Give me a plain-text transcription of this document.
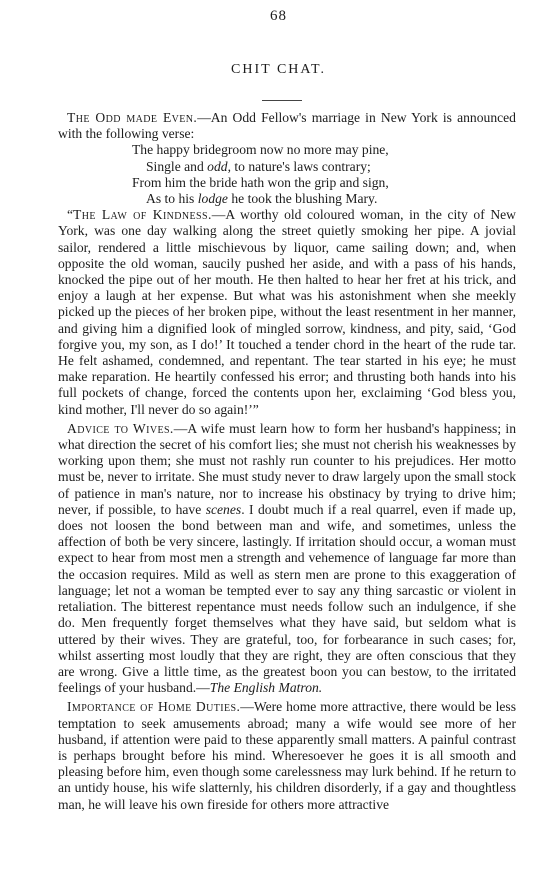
68
CHIT CHAT.

The Odd made Even.—An Odd Fellow's marriage in New York is announced with the following verse:

The happy bridegroom now no more may pine,
Single and odd, to nature's laws contrary;
From him the bride hath won the grip and sign,
As to his lodge he took the blushing Mary.

“The Law of Kindness.—A worthy old coloured woman, in the city of New York, was one day walking along the street quietly smoking her pipe. A jovial sailor, rendered a little mischievous by liquor, came sailing down; and, when opposite the old woman, saucily pushed her aside, and with a pass of his hands, knocked the pipe out of her mouth. He then halted to hear her fret at his trick, and enjoy a laugh at her expense. But what was his astonishment when she meekly picked up the pieces of her broken pipe, without the least resentment in her manner, and giving him a dignified look of mingled sorrow, kindness, and pity, said, ‘God forgive you, my son, as I do!’ It touched a tender chord in the heart of the rude tar. He felt ashamed, condemned, and repentant. The tear started in his eye; he must make reparation. He heartily confessed his error; and thrusting both hands into his full pockets of change, forced the contents upon her, exclaiming ‘God bless you, kind mother, I'll never do so again!’”

Advice to Wives.—A wife must learn how to form her husband's happiness; in what direction the secret of his comfort lies; she must not cherish his weaknesses by working upon them; she must not rashly run counter to his prejudices. Her motto must be, never to irritate. She must study never to draw largely upon the small stock of patience in man's nature, nor to increase his obstinacy by trying to drive him; never, if possible, to have scenes. I doubt much if a real quarrel, even if made up, does not loosen the bond between man and wife, and sometimes, unless the affection of both be very sincere, lastingly. If irritation should occur, a woman must expect to hear from most men a strength and vehemence of language far more than the occasion requires. Mild as well as stern men are prone to this exaggeration of language; let not a woman be tempted ever to say any thing sarcastic or violent in retaliation. The bitterest repentance must needs follow such an indulgence, if she do. Men frequently forget themselves what they have said, but seldom what is uttered by their wives. They are grateful, too, for forbearance in such cases; for, whilst asserting most loudly that they are right, they are often conscious that they are wrong. Give a little time, as the greatest boon you can bestow, to the irritated feelings of your husband.—The English Matron.

Importance of Home Duties.—Were home more attractive, there would be less temptation to seek amusements abroad; many a wife would see more of her husband, if attention were paid to these apparently small matters. A painful contrast is perhaps brought before his mind. Wheresoever he goes it is all smooth and pleasing before him, even though some carelessness may lurk behind. If he return to an untidy house, his wife slatternly, his children disorderly, if a gay and thoughtless man, he will leave his own fireside for others more attractive
